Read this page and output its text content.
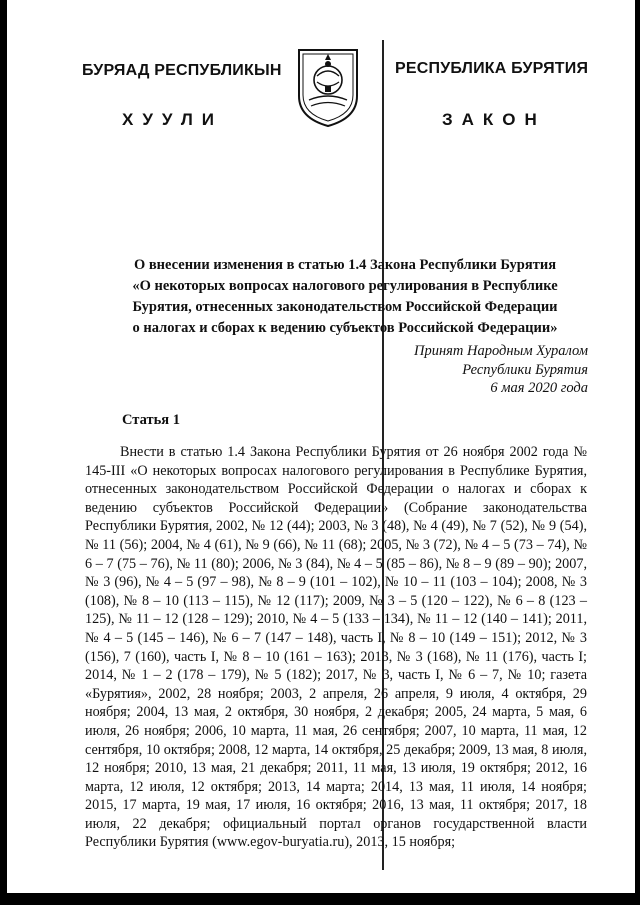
БУРЯАД РЕСПУБЛИКЫН	РЕСПУБЛИКА БУРЯТИЯ
ХУУЛИ	ЗАКОН
О внесении изменения в статью 1.4 Закона Республики Бурятия
«О некоторых вопросах налогового регулирования в Республике
Бурятия, отнесенных законодательством Российской Федерации
о налогах и сборах к ведению субъектов Российской Федерации»
Принят Народным Хуралом
Республики Бурятия
6 мая 2020 года
Статья 1

Внести в статью 1.4 Закона Республики Бурятия от 26 ноября 2002 года № 145-III «О некоторых вопросах налогового регулирования в Республике Бурятия, отнесенных законодательством Российской Федерации о налогах и сборах к ведению субъектов Российской Федерации» (Собрание законодательства Республики Бурятия, 2002, № 12 (44); 2003, № 3 (48), № 4 (49), № 7 (52), № 9 (54), № 11 (56); 2004, № 4 (61), № 9 (66), № 11 (68); 2005, № 3 (72), № 4 – 5 (73 – 74), № 6 – 7 (75 – 76), № 11 (80); 2006, № 3 (84), № 4 – 5 (85 – 86), № 8 – 9 (89 – 90); 2007, № 3 (96), № 4 – 5 (97 – 98), № 8 – 9 (101 – 102), № 10 – 11 (103 – 104); 2008, № 3 (108), № 8 – 10 (113 – 115), № 12 (117); 2009, № 3 – 5 (120 – 122), № 6 – 8 (123 – 125), № 11 – 12 (128 – 129); 2010, № 4 – 5 (133 – 134), № 11 – 12 (140 – 141); 2011, № 4 – 5 (145 – 146), № 6 – 7 (147 – 148), часть I, № 8 – 10 (149 – 151); 2012, № 3 (156), 7 (160), часть I, № 8 – 10 (161 – 163); 2013, № 3 (168), № 11 (176), часть I; 2014, № 1 – 2 (178 – 179), № 5 (182); 2017, № 3, часть I, № 6 – 7, № 10; газета «Бурятия», 2002, 28 ноября; 2003, 2 апреля, 26 апреля, 9 июля, 4 октября, 29 ноября; 2004, 13 мая, 2 октября, 30 ноября, 2 декабря; 2005, 24 марта, 5 мая, 6 июля, 26 ноября; 2006, 10 марта, 11 мая, 26 сентября; 2007, 10 марта, 11 мая, 12 сентября, 10 октября; 2008, 12 марта, 14 октября, 25 декабря; 2009, 13 мая, 8 июля, 12 ноября; 2010, 13 мая, 21 декабря; 2011, 11 мая, 13 июля, 19 октября; 2012, 16 марта, 12 июля, 12 октября; 2013, 14 марта; 2014, 13 мая, 11 июля, 14 ноября; 2015, 17 марта, 19 мая, 17 июля, 16 октября; 2016, 13 мая, 11 октября; 2017, 18 июля, 22 декабря; официальный портал органов государственной власти Республики Бурятия (www.egov-buryatia.ru), 2013, 15 ноября;
